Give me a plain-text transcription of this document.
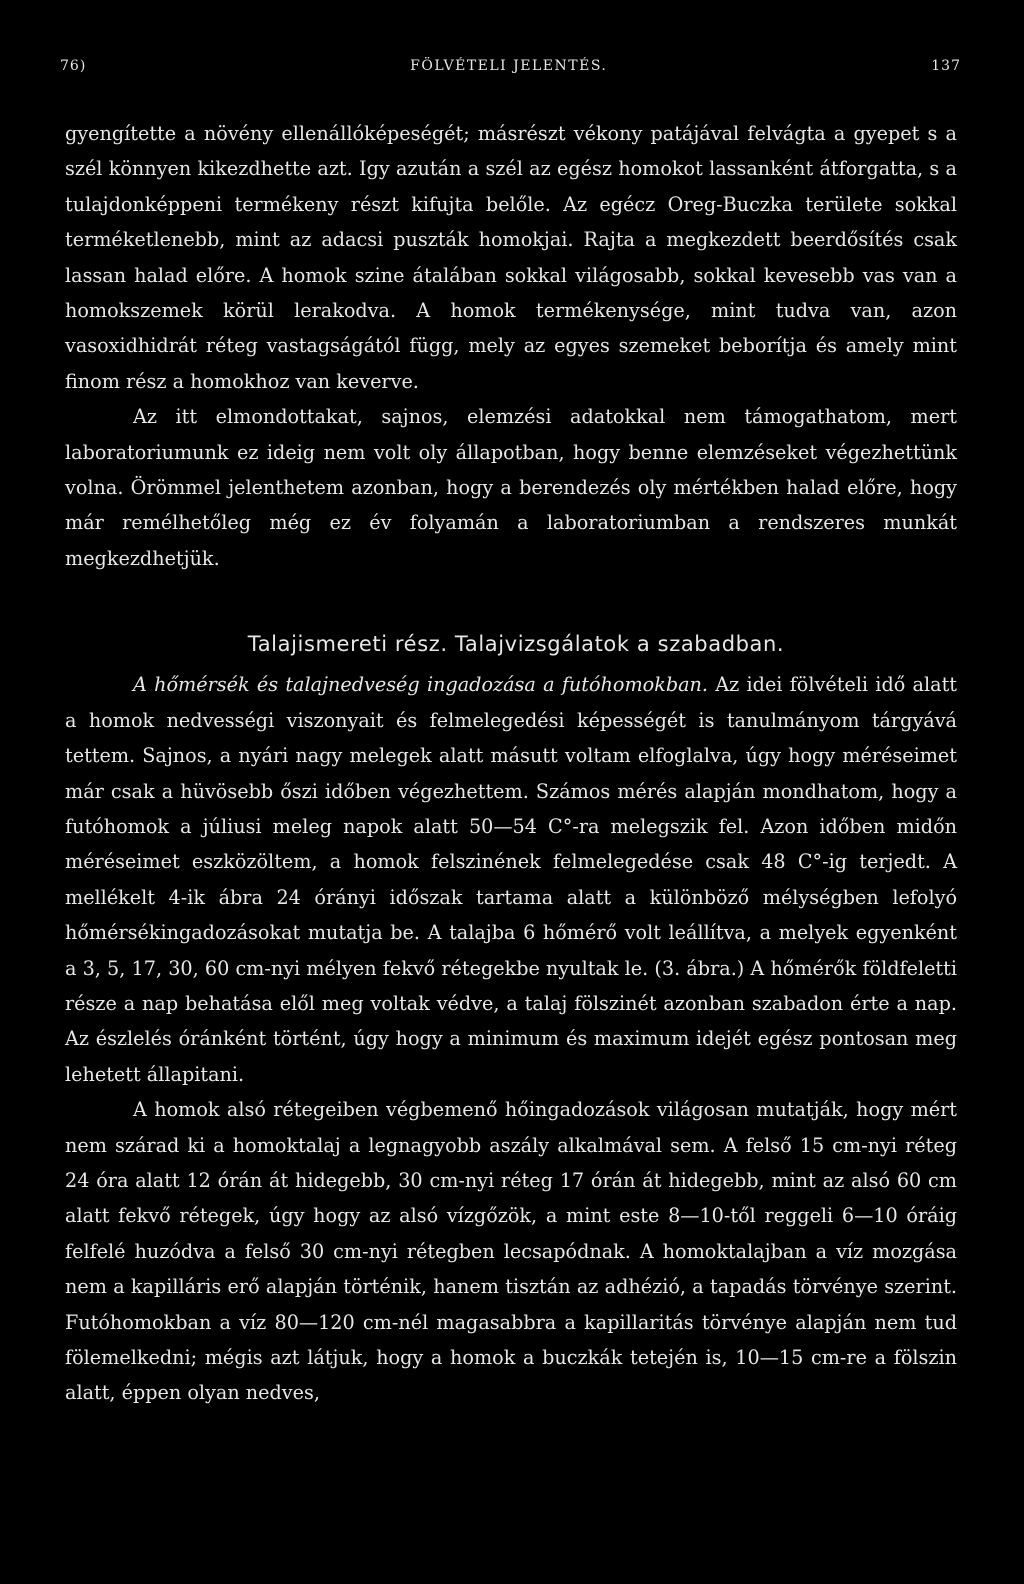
76)	FÖLVÉTELI JELENTÉS.	137

gyengítette a növény ellenállóképeségét; másrészt vékony patájával felvágta a gyepet s a szél könnyen kikezdhette azt. Igy azután a szél az egész homokot lassanként átforgatta, s a tulajdonképpeni termékeny részt kifujta belőle. Az egécz Oreg-Buczka területe sokkal terméketlenebb, mint az adacsi puszták homokjai. Rajta a megkezdett beerdősítés csak lassan halad előre. A homok szine átalában sokkal világosabb, sokkal kevesebb vas van a homokszemek körül lerakodva. A homok termékenysége, mint tudva van, azon vasoxidhidrát réteg vastagságától függ, mely az egyes szemeket beborítja és amely mint finom rész a homokhoz van keverve.

Az itt elmondottakat, sajnos, elemzési adatokkal nem támogathatom, mert laboratoriumunk ez ideig nem volt oly állapotban, hogy benne elemzéseket végezhettünk volna. Örömmel jelenthetem azonban, hogy a berendezés oly mértékben halad előre, hogy már remélhetőleg még ez év folyamán a laboratoriumban a rendszeres munkát megkezdhetjük.

Talajismereti rész. Talajvizsgálatok a szabadban.

A hőmérsék és talajnedveség ingadozása a futóhomokban. Az idei fölvételi idő alatt a homok nedvességi viszonyait és felmelegedési képességét is tanulmányom tárgyává tettem. Sajnos, a nyári nagy melegek alatt másutt voltam elfoglalva, úgy hogy méréseimet már csak a hüvösebb őszi időben végezhettem. Számos mérés alapján mondhatom, hogy a futóhomok a júliusi meleg napok alatt 50—54 C°-ra melegszik fel. Azon időben midőn méréseimet eszközöltem, a homok felszinének felmelegedése csak 48 C°-ig terjedt. A mellékelt 4-ik ábra 24 órányi időszak tartama alatt a különböző mélységben lefolyó hőmérsékingadozásokat mutatja be. A talajba 6 hőmérő volt leállítva, a melyek egyenként a 3, 5, 17, 30, 60 cm-nyi mélyen fekvő rétegekbe nyultak le. (3. ábra.) A hőmérők földfeletti része a nap behatása elől meg voltak védve, a talaj fölszinét azonban szabadon érte a nap. Az észlelés óránként történt, úgy hogy a minimum és maximum idejét egész pontosan meg lehetett állapitani.

A homok alsó rétegeiben végbemenő hőingadozások világosan mutatják, hogy mért nem szárad ki a homoktalaj a legnagyobb aszály alkalmával sem. A felső 15 cm-nyi réteg 24 óra alatt 12 órán át hidegebb, 30 cm-nyi réteg 17 órán át hidegebb, mint az alsó 60 cm alatt fekvő rétegek, úgy hogy az alsó vízgőzök, a mint este 8—10-től reggeli 6—10 óráig felfelé huzódva a felső 30 cm-nyi rétegben lecsapódnak. A homoktalajban a víz mozgása nem a kapilláris erő alapján történik, hanem tisztán az adhézió, a tapadás törvénye szerint. Futóhomokban a víz 80—120 cm-nél magasabbra a kapillaritás törvénye alapján nem tud fölemelkedni; mégis azt látjuk, hogy a homok a buczkák tetején is, 10—15 cm-re a fölszin alatt, éppen olyan nedves,
